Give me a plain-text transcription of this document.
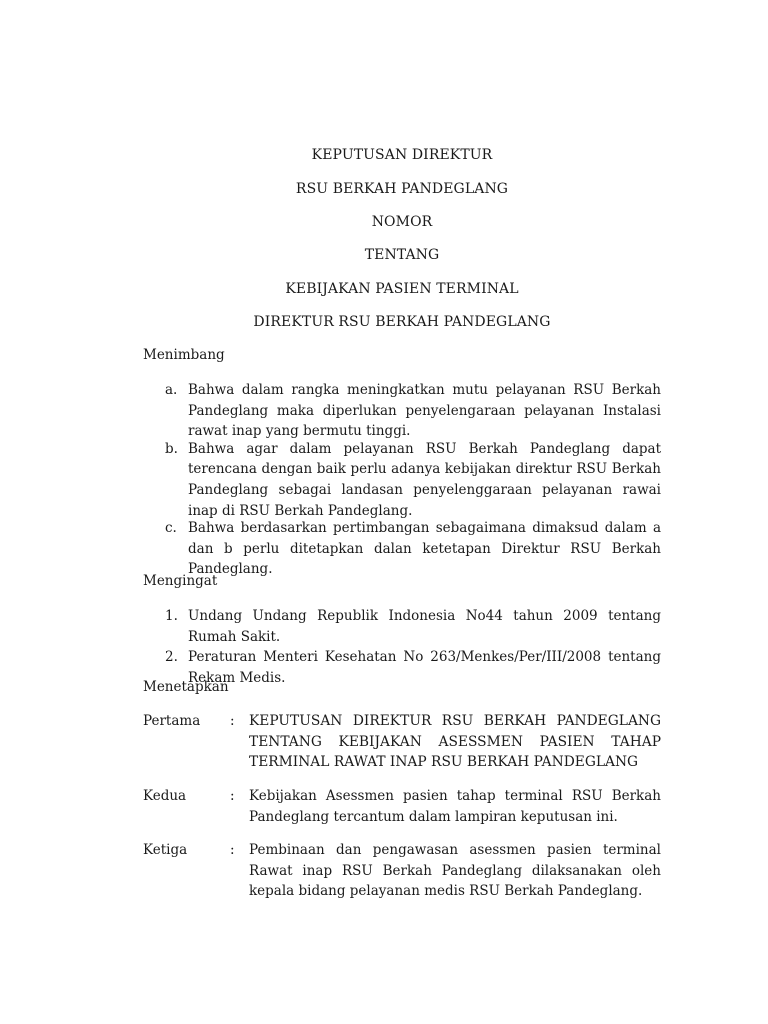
KEPUTUSAN DIREKTUR
RSU BERKAH PANDEGLANG
NOMOR
TENTANG
KEBIJAKAN PASIEN TERMINAL
DIREKTUR RSU BERKAH PANDEGLANG
Menimbang
a. Bahwa dalam rangka meningkatkan mutu pelayanan RSU Berkah Pandeglang maka diperlukan penyelengaraan pelayanan Instalasi rawat inap yang bermutu tinggi.
b. Bahwa agar dalam pelayanan RSU Berkah Pandeglang dapat terencana dengan baik perlu adanya kebijakan direktur RSU Berkah Pandeglang sebagai landasan penyelenggaraan pelayanan rawai inap di RSU Berkah Pandeglang.
c. Bahwa berdasarkan pertimbangan sebagaimana dimaksud dalam a dan b perlu ditetapkan dalan ketetapan Direktur RSU Berkah Pandeglang.
Mengingat
1. Undang Undang Republik Indonesia No44 tahun 2009 tentang Rumah Sakit.
2. Peraturan Menteri Kesehatan No 263/Menkes/Per/III/2008 tentang Rekam Medis.
Menetapkan
Pertama	:	KEPUTUSAN DIREKTUR RSU BERKAH PANDEGLANG TENTANG KEBIJAKAN ASESSMEN PASIEN TAHAP TERMINAL RAWAT INAP RSU BERKAH PANDEGLANG
Kedua	:	Kebijakan Asessmen pasien tahap terminal RSU Berkah Pandeglang tercantum dalam lampiran keputusan ini.
Ketiga	:	Pembinaan dan pengawasan asessmen pasien terminal Rawat inap RSU Berkah Pandeglang dilaksanakan oleh kepala bidang pelayanan medis RSU Berkah Pandeglang.
